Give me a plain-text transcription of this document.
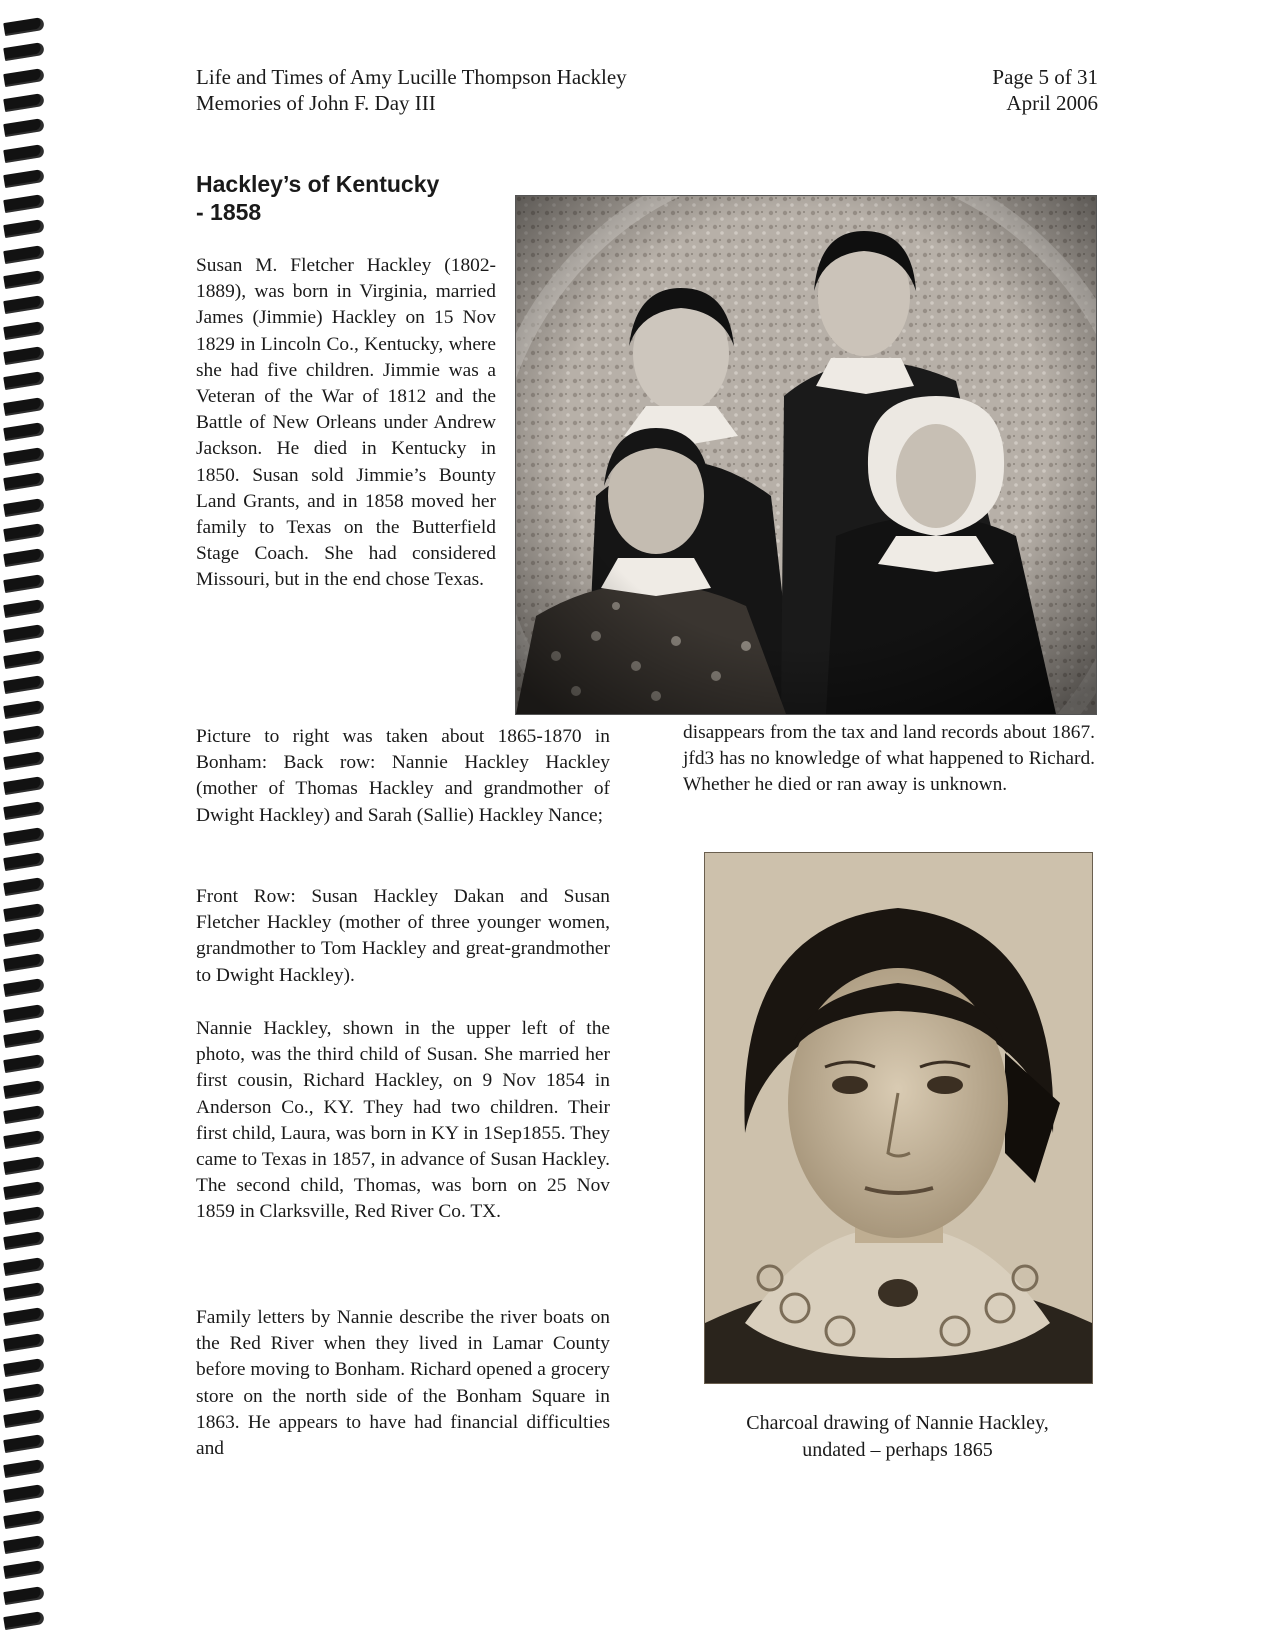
Life and Times of Amy Lucille Thompson Hackley
Memories of John F. Day III
Page 5 of 31
April 2006
Hackley’s of Kentucky
- 1858

Susan M. Fletcher Hackley (1802-1889), was born in Virginia, married James (Jimmie) Hackley on 15 Nov 1829 in Lincoln Co., Kentucky, where she had five children. Jimmie was a Veteran of the War of 1812 and the Battle of New Orleans under Andrew Jackson. He died in Kentucky in 1850. Susan sold Jimmie’s Bounty Land Grants, and in 1858 moved her family to Texas on the Butterfield Stage Coach. She had considered Missouri, but in the end chose Texas.

Picture to right was taken about 1865-1870 in Bonham: Back row: Nannie Hackley Hackley (mother of Thomas Hackley and grandmother of Dwight Hackley) and Sarah (Sallie) Hackley Nance;

Front Row: Susan Hackley Dakan and Susan Fletcher Hackley (mother of three younger women, grandmother to Tom Hackley and great-grandmother to Dwight Hackley).

Nannie Hackley, shown in the upper left of the photo, was the third child of Susan. She married her first cousin, Richard Hackley, on 9 Nov 1854 in Anderson Co., KY. They had two children. Their first child, Laura, was born in KY in 1Sep1855. They came to Texas in 1857, in advance of Susan Hackley. The second child, Thomas, was born on 25 Nov 1859 in Clarksville, Red River Co. TX.

Family letters by Nannie describe the river boats on the Red River when they lived in Lamar County before moving to Bonham. Richard opened a grocery store on the north side of the Bonham Square in 1863. He appears to have had financial difficulties and

disappears from the tax and land records about 1867. jfd3 has no knowledge of what happened to Richard. Whether he died or ran away is unknown.

Charcoal drawing of Nannie Hackley,
undated – perhaps 1865
